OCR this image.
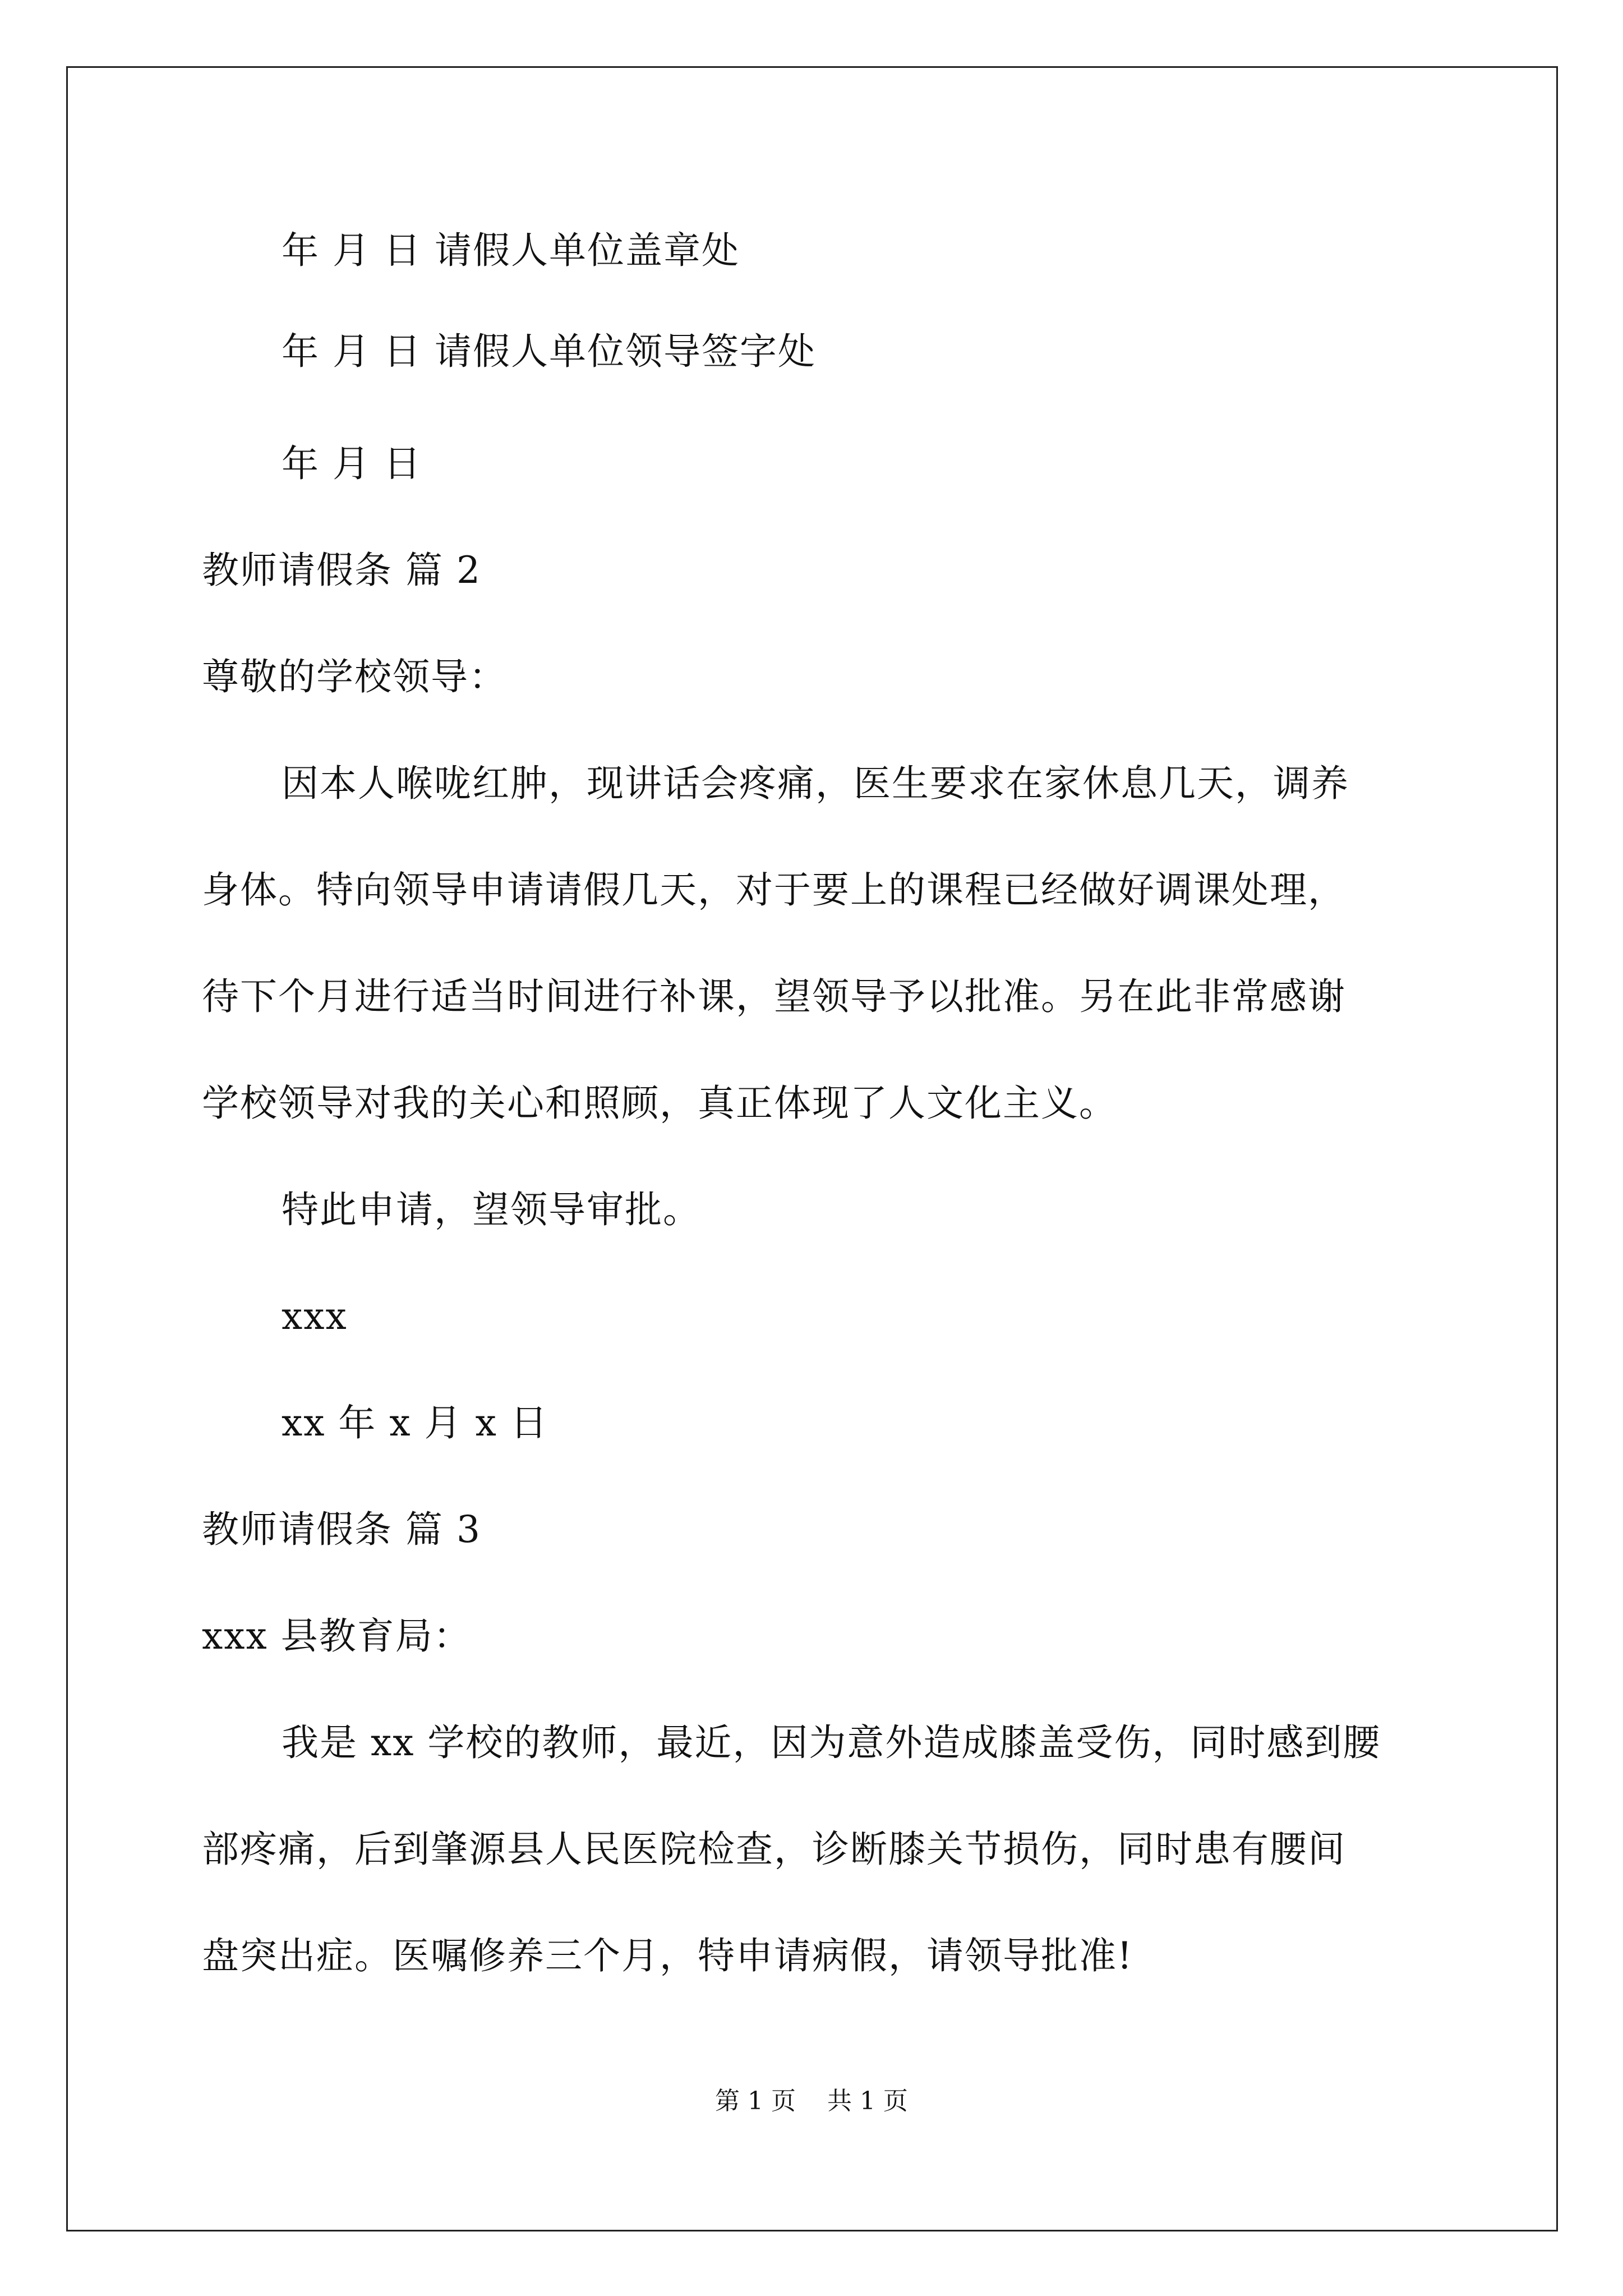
年 月 日 请假人单位盖章处
年 月 日 请假人单位领导签字处
年 月 日
教师请假条 篇 2
尊敬的学校领导：
因本人喉咙红肿，现讲话会疼痛，医生要求在家休息几天，调养
身体。特向领导申请请假几天，对于要上的课程已经做好调课处理，
待下个月进行适当时间进行补课，望领导予以批准。另在此非常感谢
学校领导对我的关心和照顾，真正体现了人文化主义。
特此申请，望领导审批。
xxx
xx 年 x 月 x 日
教师请假条 篇 3
xxx 县教育局：
我是 xx 学校的教师，最近，因为意外造成膝盖受伤，同时感到腰
部疼痛，后到肇源县人民医院检查，诊断膝关节损伤，同时患有腰间
盘突出症。医嘱修养三个月，特申请病假，请领导批准!
第 1 页    共 1 页
